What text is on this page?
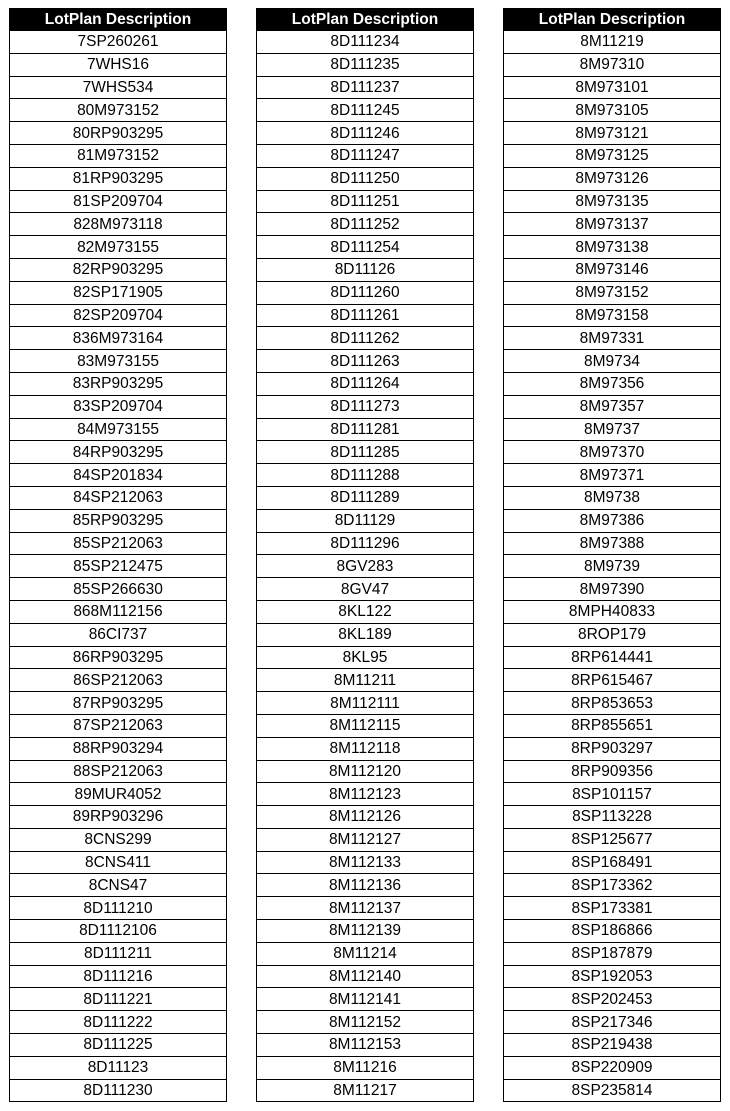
LotPlan Description
7SP260261
7WHS16
7WHS534
80M973152
80RP903295
81M973152
81RP903295
81SP209704
828M973118
82M973155
82RP903295
82SP171905
82SP209704
836M973164
83M973155
83RP903295
83SP209704
84M973155
84RP903295
84SP201834
84SP212063
85RP903295
85SP212063
85SP212475
85SP266630
868M112156
86CI737
86RP903295
86SP212063
87RP903295
87SP212063
88RP903294
88SP212063
89MUR4052
89RP903296
8CNS299
8CNS411
8CNS47
8D111210
8D1112106
8D111211
8D111216
8D111221
8D111222
8D111225
8D11123
8D111230
LotPlan Description
8D111234
8D111235
8D111237
8D111245
8D111246
8D111247
8D111250
8D111251
8D111252
8D111254
8D11126
8D111260
8D111261
8D111262
8D111263
8D111264
8D111273
8D111281
8D111285
8D111288
8D111289
8D11129
8D111296
8GV283
8GV47
8KL122
8KL189
8KL95
8M11211
8M112111
8M112115
8M112118
8M112120
8M112123
8M112126
8M112127
8M112133
8M112136
8M112137
8M112139
8M11214
8M112140
8M112141
8M112152
8M112153
8M11216
8M11217
LotPlan Description
8M11219
8M97310
8M973101
8M973105
8M973121
8M973125
8M973126
8M973135
8M973137
8M973138
8M973146
8M973152
8M973158
8M97331
8M9734
8M97356
8M97357
8M9737
8M97370
8M97371
8M9738
8M97386
8M97388
8M9739
8M97390
8MPH40833
8ROP179
8RP614441
8RP615467
8RP853653
8RP855651
8RP903297
8RP909356
8SP101157
8SP113228
8SP125677
8SP168491
8SP173362
8SP173381
8SP186866
8SP187879
8SP192053
8SP202453
8SP217346
8SP219438
8SP220909
8SP235814
